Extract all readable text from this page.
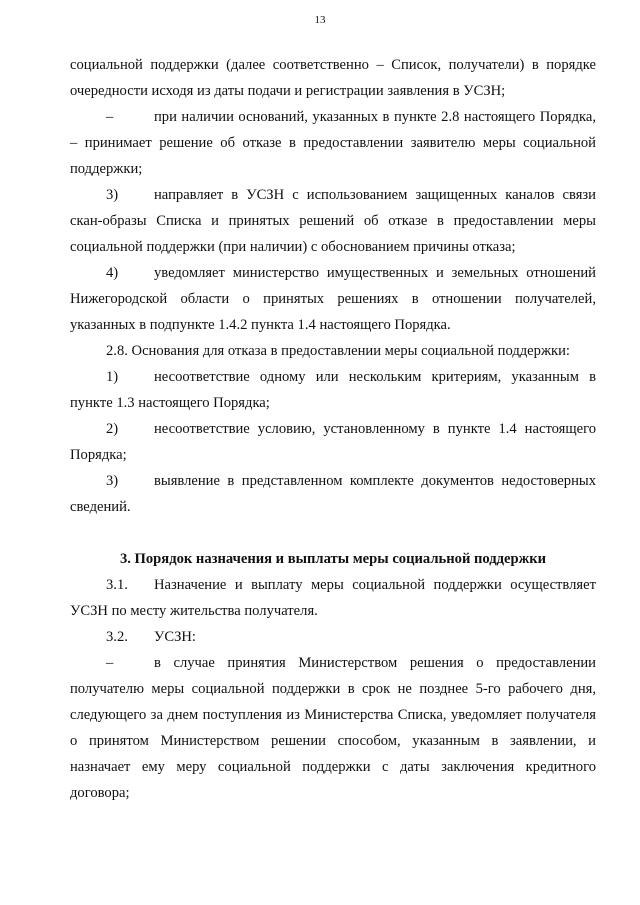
13

социальной поддержки (далее соответственно – Список, получатели) в порядке очередности исходя из даты подачи и регистрации заявления в УСЗН;

–	при наличии оснований, указанных в пункте 2.8 настоящего Порядка, – принимает решение об отказе в предоставлении заявителю меры социальной поддержки;

3) направляет в УСЗН с использованием защищенных каналов связи скан-образы Списка и принятых решений об отказе в предоставлении меры социальной поддержки (при наличии) с обоснованием причины отказа;

4) уведомляет министерство имущественных и земельных отношений Нижегородской области о принятых решениях в отношении получателей, указанных в подпункте 1.4.2 пункта 1.4 настоящего Порядка.

2.8. Основания для отказа в предоставлении меры социальной поддержки:

1) несоответствие одному или нескольким критериям, указанным в пункте 1.3 настоящего Порядка;

2) несоответствие условию, установленному в пункте 1.4 настоящего Порядка;

3) выявление в представленном комплекте документов недостоверных сведений.

3. Порядок назначения и выплаты меры социальной поддержки

3.1. Назначение и выплату меры социальной поддержки осуществляет УСЗН по месту жительства получателя.

3.2. УСЗН:

–	в случае принятия Министерством решения о предоставлении получателю меры социальной поддержки в срок не позднее 5-го рабочего дня, следующего за днем поступления из Министерства Списка, уведомляет получателя о принятом Министерством решении способом, указанным в заявлении, и назначает ему меру социальной поддержки с даты заключения кредитного договора;
